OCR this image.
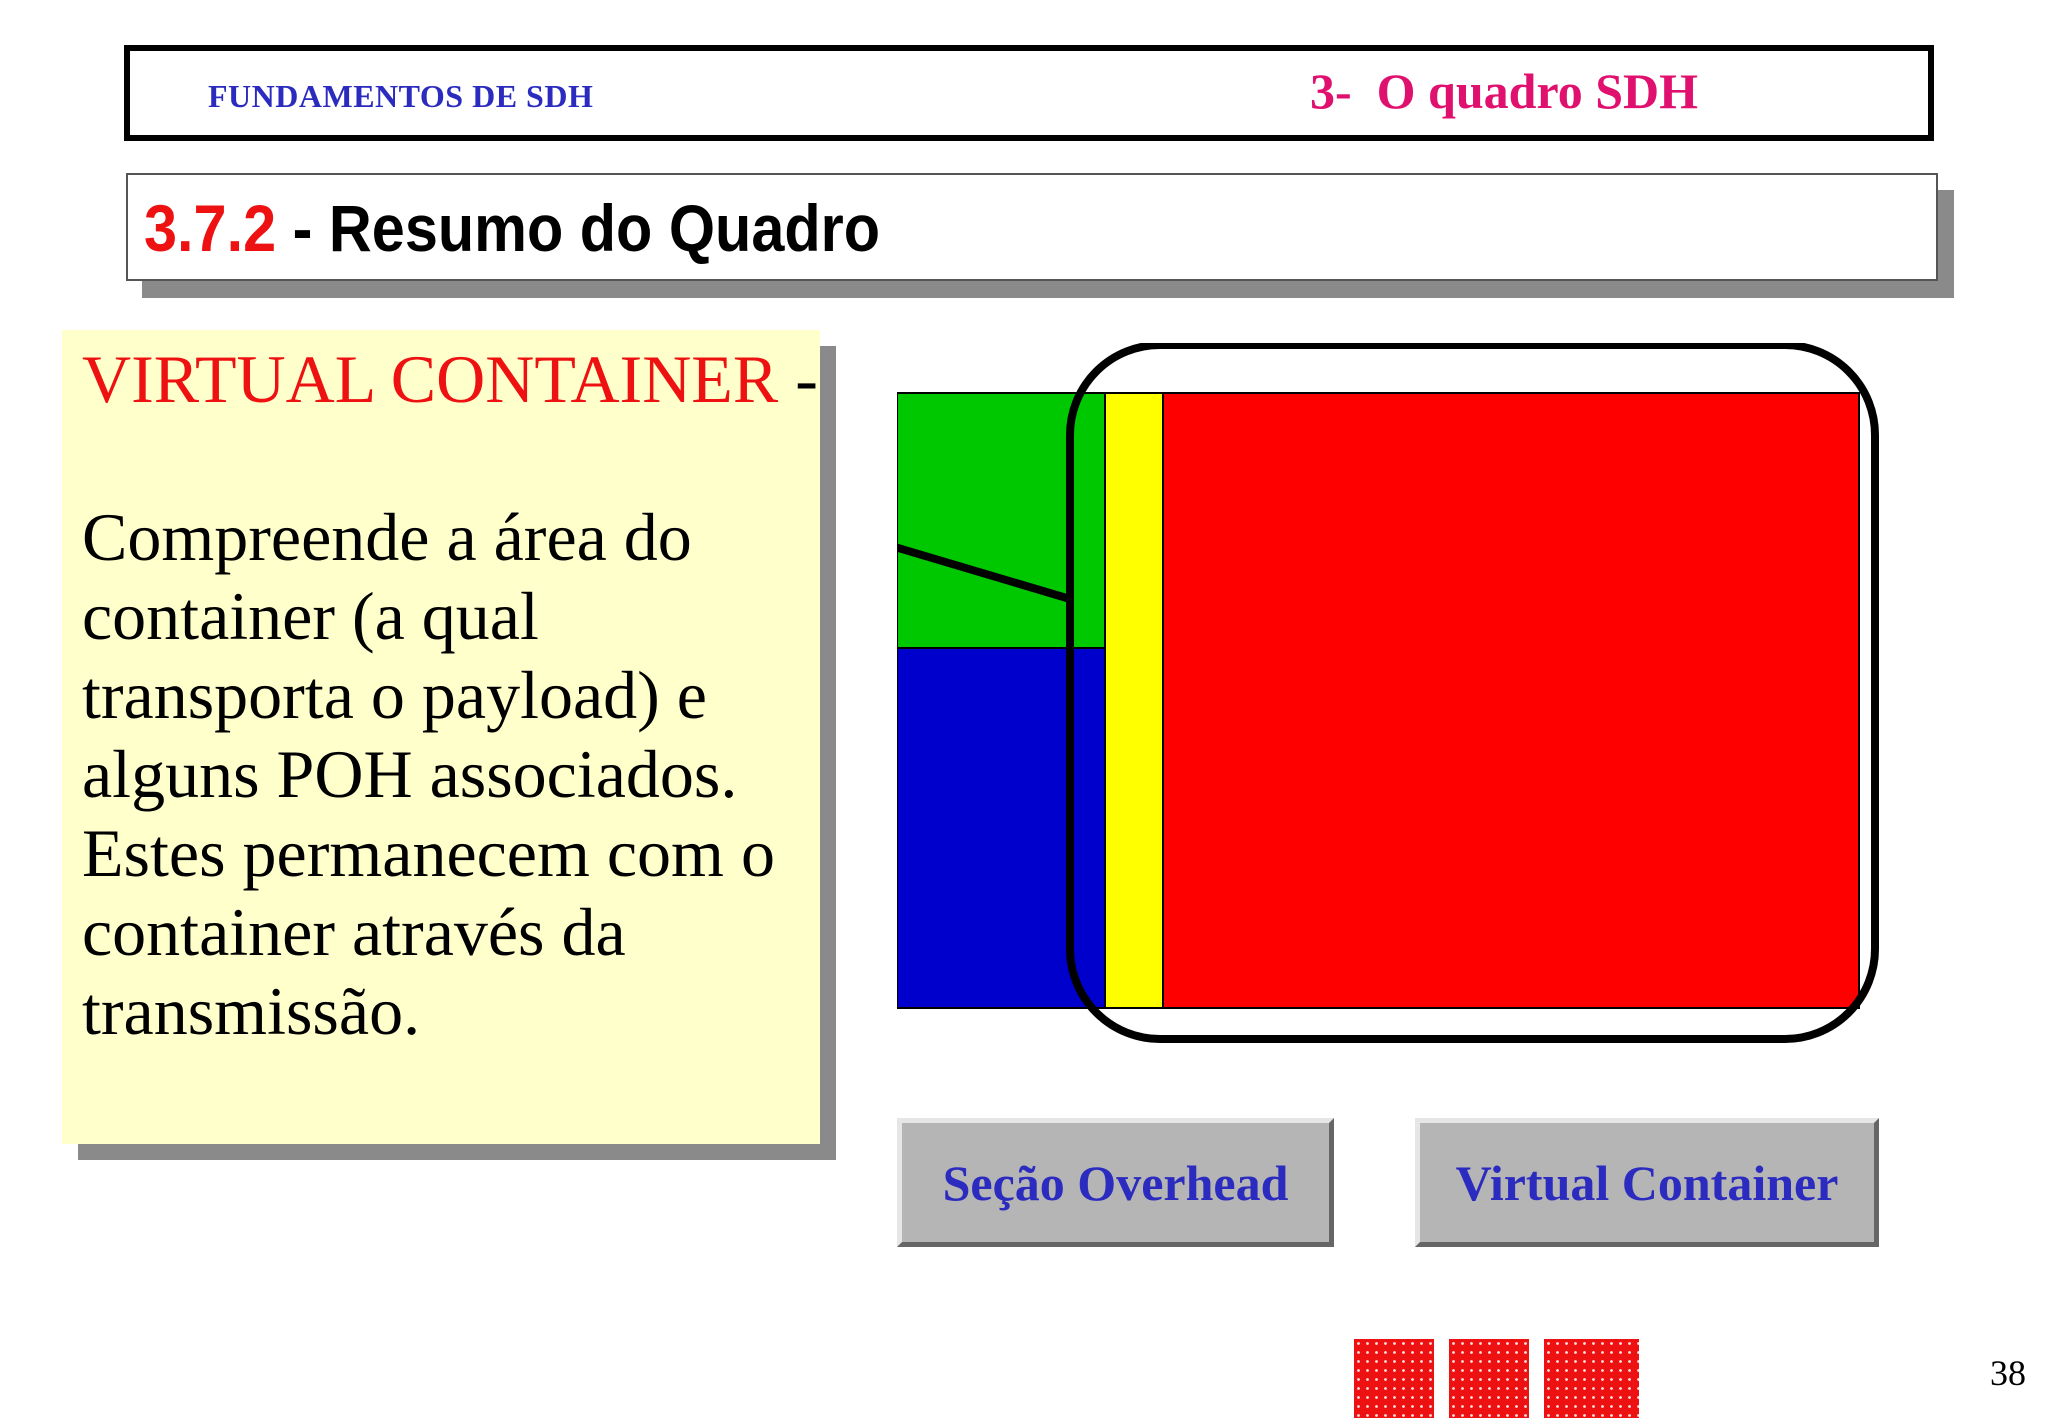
FUNDAMENTOS DE SDH	3-  O quadro SDH
3.7.2 - Resumo do Quadro
VIRTUAL CONTAINER -

Compreende a área do container (a qual transporta o payload) e alguns POH associados. Estes permanecem com o container através da transmissão.
Seção Overhead	Virtual Container
38
